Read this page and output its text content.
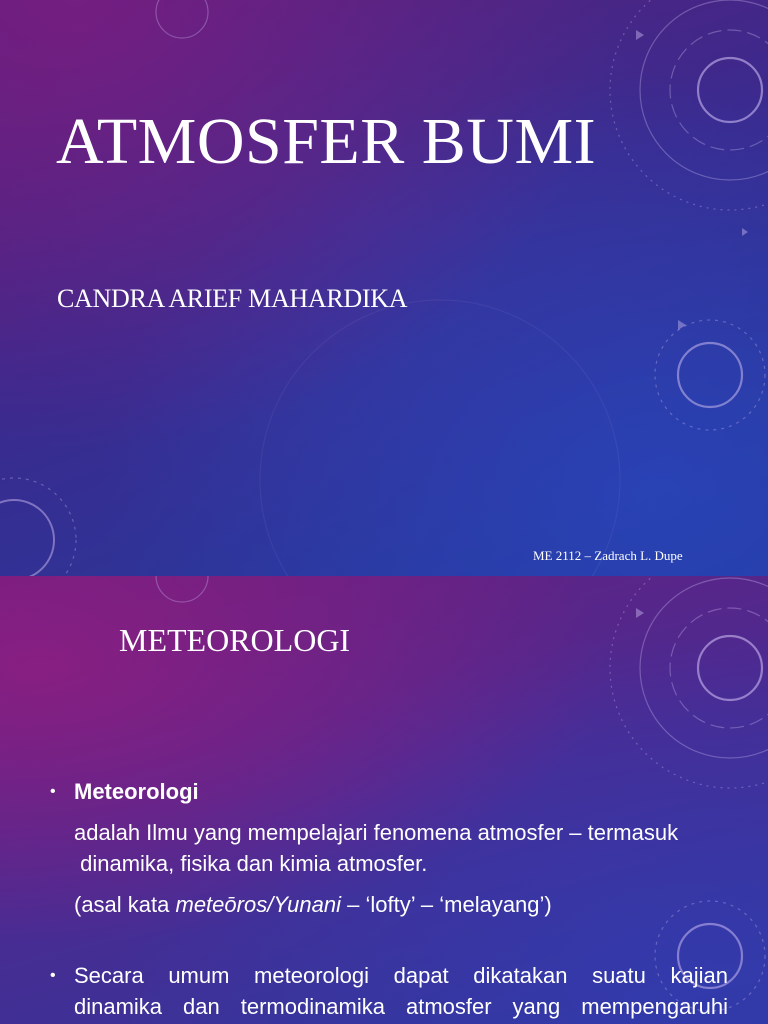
ATMOSFER BUMI
CANDRA ARIEF MAHARDIKA
ME 2112 – Zadrach L. Dupe
METEOROLOGI
• Meteorologi
adalah Ilmu yang mempelajari fenomena atmosfer – termasuk
dinamika, fisika dan kimia atmosfer.
(asal kata meteōros/Yunani – ‘lofty’ – ‘melayang’)
• Secara umum meteorologi dapat dikatakan suatu kajian
dinamika dan termodinamika atmosfer yang mempengaruhi
